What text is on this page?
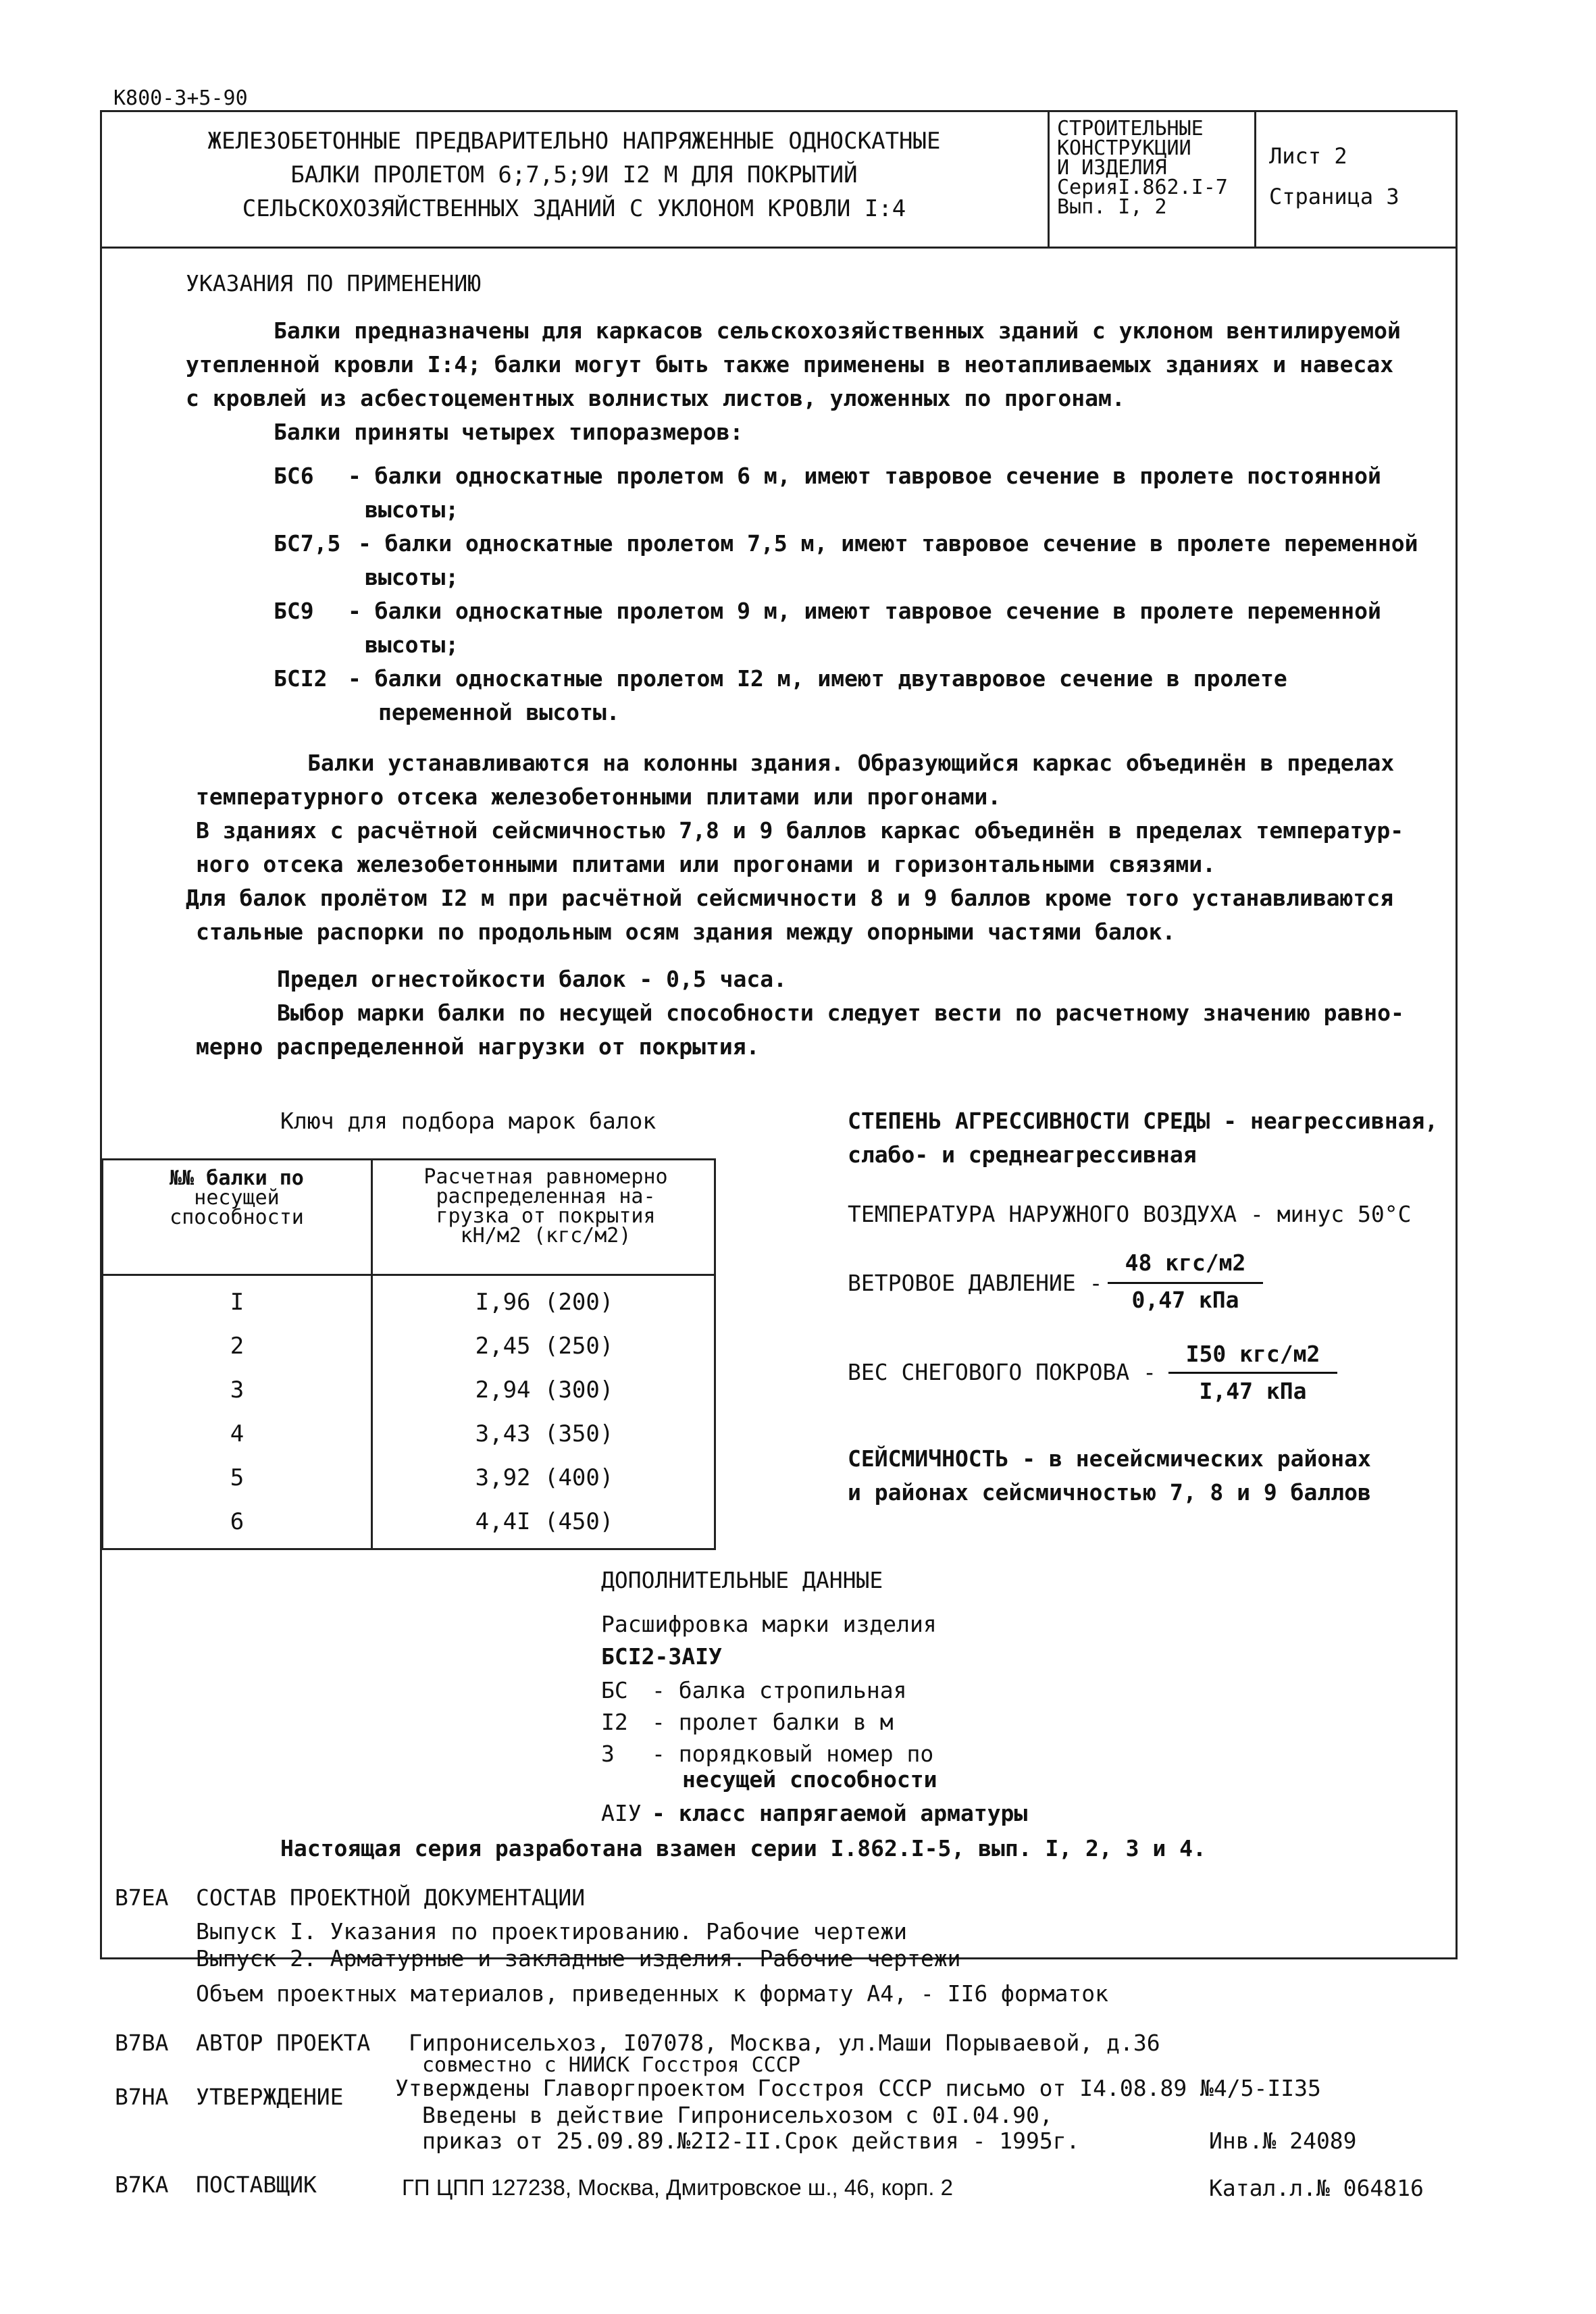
K800-3+5-90
ЖЕЛЕЗОБЕТОННЫЕ ПРЕДВАРИТЕЛЬНО НАПРЯЖЕННЫЕ ОДНОСКАТНЫЕ
БАЛКИ ПРОЛЕТОМ 6;7,5;9И I2 М ДЛЯ ПОКРЫТИЙ
СЕЛЬСКОХОЗЯЙСТВЕННЫХ ЗДАНИЙ С УКЛОНОМ КРОВЛИ I:4
СТРОИТЕЛЬНЫЕ
КОНСТРУКЦИИ
И ИЗДЕЛИЯ
СерияI.862.I-7
Вып. I, 2
Лист 2
Страница 3
УКАЗАНИЯ ПО ПРИМЕНЕНИЮ
Балки предназначены для каркасов сельскохозяйственных зданий с уклоном вентилируемой
утепленной кровли I:4; балки могут быть также применены в неотапливаемых зданиях и навесах
с кровлей из асбестоцементных волнистых листов, уложенных по прогонам.
Балки приняты четырех типоразмеров:
БС6 - балки односкатные пролетом 6 м, имеют тавровое сечение в пролете постоянной
высоты;
БС7,5 - балки односкатные пролетом 7,5 м, имеют тавровое сечение в пролете переменной
высоты;
БС9 - балки односкатные пролетом 9 м, имеют тавровое сечение в пролете переменной
высоты;
БСI2 - балки односкатные пролетом I2 м, имеют двутавровое сечение в пролете
переменной высоты.
Балки устанавливаются на колонны здания. Образующийся каркас объединён в пределах
температурного отсека железобетонными плитами или прогонами.
В зданиях с расчётной сейсмичностью 7,8 и 9 баллов каркас объединён в пределах температур-
ного отсека железобетонными плитами или прогонами и горизонтальными связями.
Для балок пролётом I2 м при расчётной сейсмичности 8 и 9 баллов кроме того устанавливаются
стальные распорки по продольным осям здания между опорными частями балок.
Предел огнестойкости балок - 0,5 часа.
Выбор марки балки по несущей способности следует вести по расчетному значению равно-
мерно распределенной нагрузки от покрытия.
Ключ для подбора марок балок
№№ балки по
несущей
способности
Расчетная равномерно
распределенная на-
грузка от покрытия
кН/м2 (кгс/м2)
I	I,96 (200)
2	2,45 (250)
3	2,94 (300)
4	3,43 (350)
5	3,92 (400)
6	4,4I (450)
СТЕПЕНЬ АГРЕССИВНОСТИ СРЕДЫ - неагрессивная,
слабо- и среднеагрессивная
ТЕМПЕРАТУРА НАРУЖНОГО ВОЗДУХА - минус 50°С
ВЕТРОВОЕ ДАВЛЕНИЕ -
48 кгс/м2
0,47 кПа
ВЕС СНЕГОВОГО ПОКРОВА -
I50 кгс/м2
I,47 кПа
СЕЙСМИЧНОСТЬ - в несейсмических районах
и районах сейсмичностью 7, 8 и 9 баллов
ДОПОЛНИТЕЛЬНЫЕ ДАННЫЕ
Расшифровка марки изделия
БСI2-3АIУ
БС - балка стропильная
I2 - пролет балки в м
3 - порядковый номер по
несущей способности
АIУ - класс напрягаемой арматуры
Настоящая серия разработана взамен серии I.862.I-5, вып. I, 2, 3 и 4.
В7ЕА СОСТАВ ПРОЕКТНОЙ ДОКУМЕНТАЦИИ
Выпуск I. Указания по проектированию. Рабочие чертежи
Выпуск 2. Арматурные и закладные изделия. Рабочие чертежи
Объем проектных материалов, приведенных к формату А4, - II6 форматок
В7ВА АВТОР ПРОЕКТА Гипронисельхоз, I07078, Москва, ул.Маши Порываевой, д.36
совместно с НИИСК Госстроя СССР
В7НА УТВЕРЖДЕНИЕ Утверждены Главоргпроектом Госстроя СССР письмо от I4.08.89 №4/5-II35
Введены в действие Гипронисельхозом с 0I.04.90,
приказ от 25.09.89.№2I2-II.Срок действия - 1995г.	Инв.№ 24089
В7КА ПОСТАВЩИК	ГП ЦПП 127238, Москва, Дмитровское ш., 46, корп. 2	Катал.л.№ 064816
